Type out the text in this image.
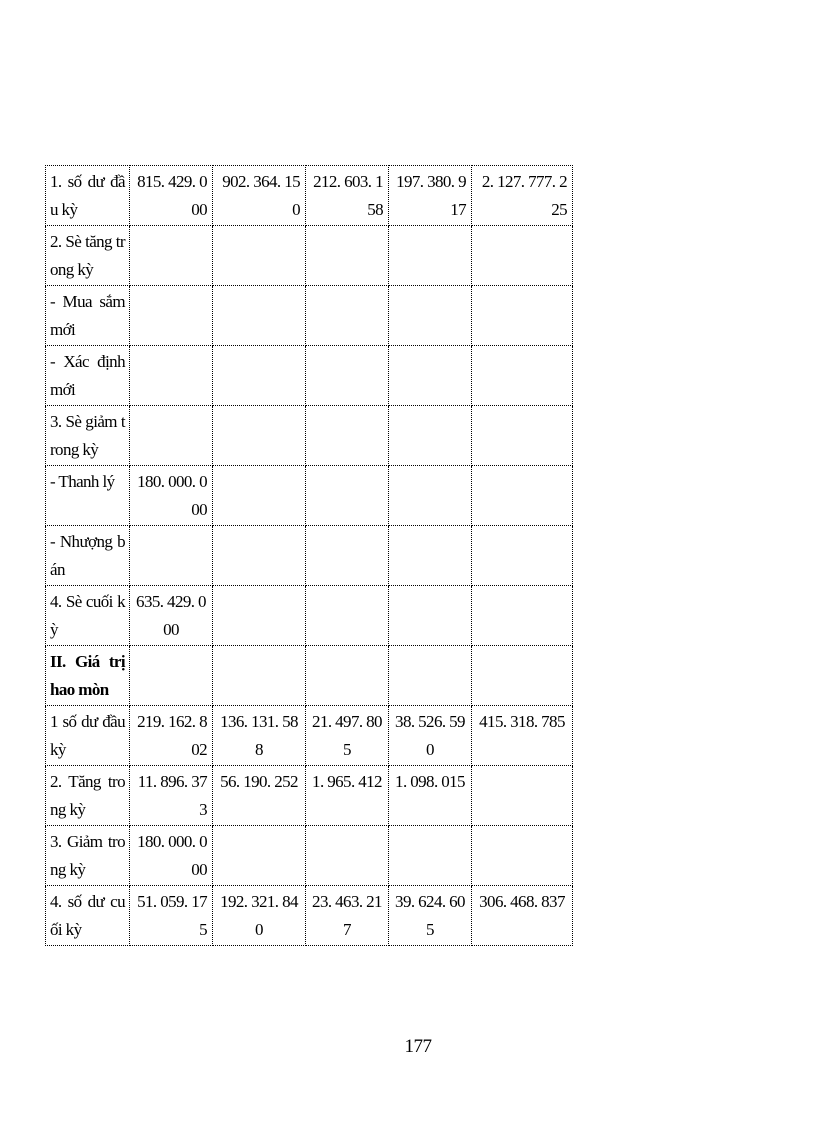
1. số dư đầu kỳ	815. 429. 000	902. 364. 150	212. 603. 158	197. 380. 917	2. 127. 777. 225

2. Sè tăng trong kỳ					

- Mua sắm mới					

- Xác định mới					

3. Sè giảm trong kỳ					

- Thanh lý	180. 000. 000				

- Nhượng bán					

4. Sè cuối kỳ	635. 429. 000				

II. Giá trị hao mòn					

1 số dư đầu kỳ	219. 162. 802	136. 131. 588	21. 497. 805	38. 526. 590	415. 318. 785

2. Tăng trong kỳ	11. 896. 373	56. 190. 252	1. 965. 412	1. 098. 015	

3. Giảm trong kỳ	180. 000. 000				

4. số dư cuối kỳ	51. 059. 175	192. 321. 840	23. 463. 217	39. 624. 605	306. 468. 837
177
